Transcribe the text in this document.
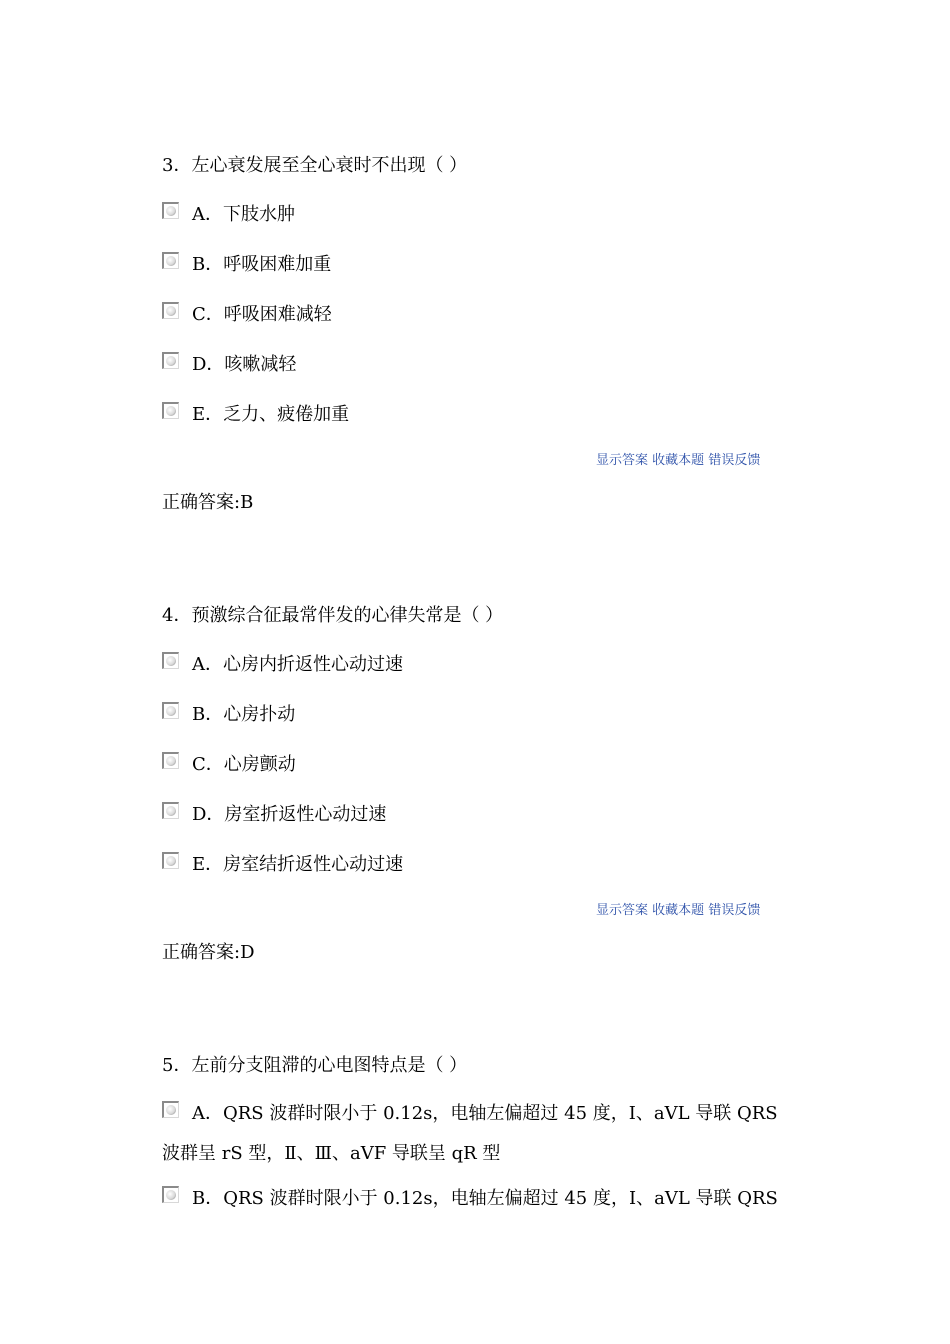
3．左心衰发展至全心衰时不出现（ ）
A．下肢水肿
B．呼吸困难加重
C．呼吸困难减轻
D．咳嗽减轻
E．乏力、疲倦加重
显示答案 收藏本题 错误反馈
正确答案:B
4．预激综合征最常伴发的心律失常是（ ）
A．心房内折返性心动过速
B．心房扑动
C．心房颤动
D．房室折返性心动过速
E．房室结折返性心动过速
显示答案 收藏本题 错误反馈
正确答案:D
5．左前分支阻滞的心电图特点是（ ）
A．QRS 波群时限小于 0.12s，电轴左偏超过 45 度，Ⅰ、aVL 导联 QRS 波群呈 rS 型，Ⅱ、Ⅲ、aVF 导联呈 qR 型
B．QRS 波群时限小于 0.12s，电轴左偏超过 45 度，Ⅰ、aVL 导联 QRS
